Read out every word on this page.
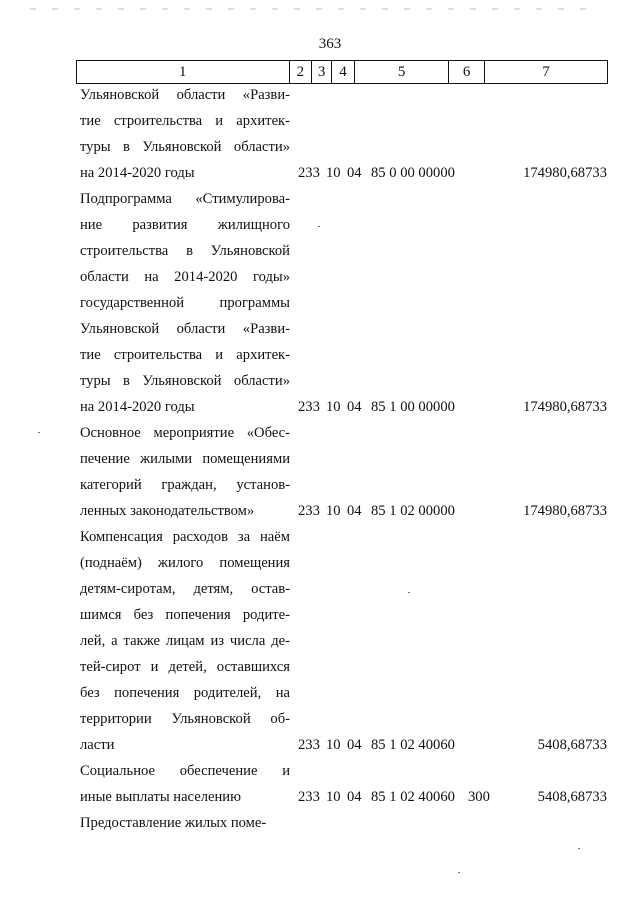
363
1	2	3	4	5	6	7
Ульяновской области «Разви-
тие строительства и архитек-
туры в Ульяновской области»
на 2014-2020 годы	233 10 04 85 0 00 00000	174980,68733
Подпрограмма «Стимулирова-
ние развития жилищного
строительства в Ульяновской
области на 2014-2020 годы»
государственной программы
Ульяновской области «Разви-
тие строительства и архитек-
туры в Ульяновской области»
на 2014-2020 годы	233 10 04 85 1 00 00000	174980,68733
Основное мероприятие «Обес-
печение жилыми помещениями
категорий граждан, установ-
ленных законодательством»	233 10 04 85 1 02 00000	174980,68733
Компенсация расходов за наём
(поднаём) жилого помещения
детям-сиротам, детям, остав-
шимся без попечения родите-
лей, а также лицам из числа де-
тей-сирот и детей, оставшихся
без попечения родителей, на
территории Ульяновской об-
ласти	233 10 04 85 1 02 40060	5408,68733
Социальное обеспечение и
иные выплаты населению	233 10 04 85 1 02 40060 300	5408,68733
Предоставление жилых поме-
